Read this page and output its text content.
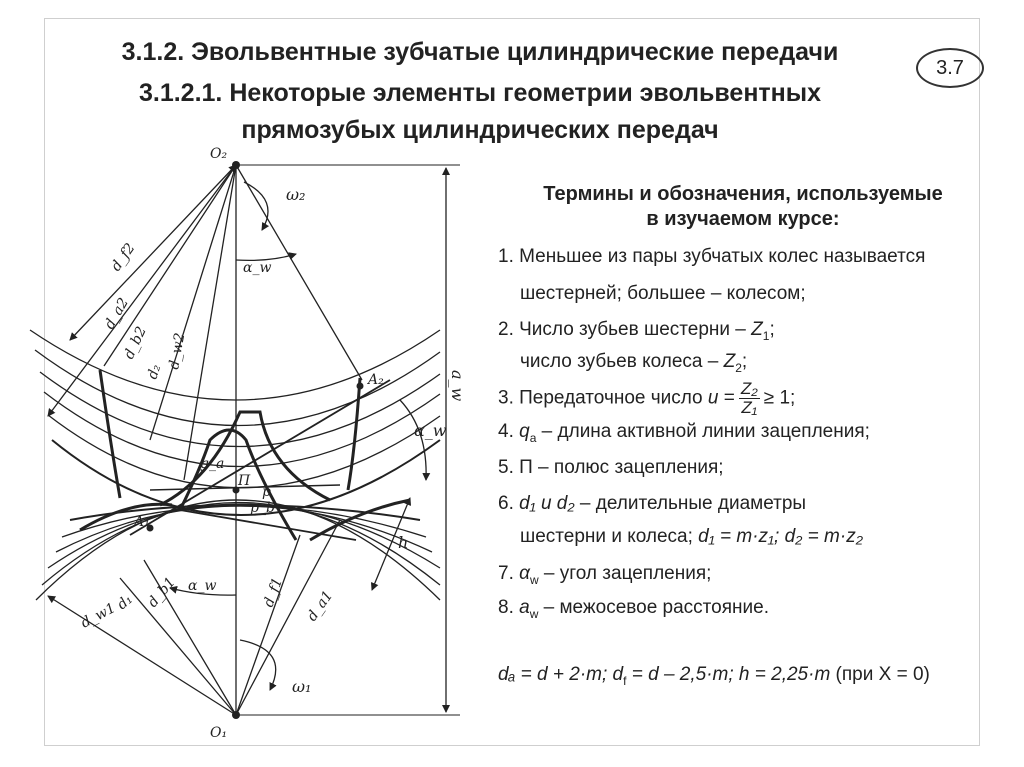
3.1.2. Эвольвентные зубчатые цилиндрические передачи
3.1.2.1. Некоторые элементы геометрии эвольвентных
прямозубых цилиндрических передач
3.7
O₂
O₁
ω₂
ω₁
a_w
α_w
α_w
α_w
d_f2
d_a2
d_b2
d₂
d_w2
d_w1
d₁ d_b1	d_f1 d_a1
A₁
A₂
g_a
П
p
p_b
h
Термины и обозначения, используемые
в изучаемом курсе:
1. Меньшее из пары зубчатых колес называется
шестерней; большее – колесом;
2. Число зубьев шестерни – $Z_1$;
число зубьев колеса – $Z_2$;
3. Передаточное число $u = \frac{\text{Z₂}}{\text{Z₁}} \ge 1$;
4. $q_a$ – длина активной линии зацепления;
5. П – полюс зацепления;
6. d₁ и d₂ – делительные диаметры
шестерни и колеса; d₁ = m·z₁; d₂ = m·z₂
7. $\alpha_w$ – угол зацепления;
8. $a_w$ – межосевое расстояние.
dₐ = d + 2·m; $d_f = d - 2,5\cdot m$; h = 2,25·m (при X = 0)
